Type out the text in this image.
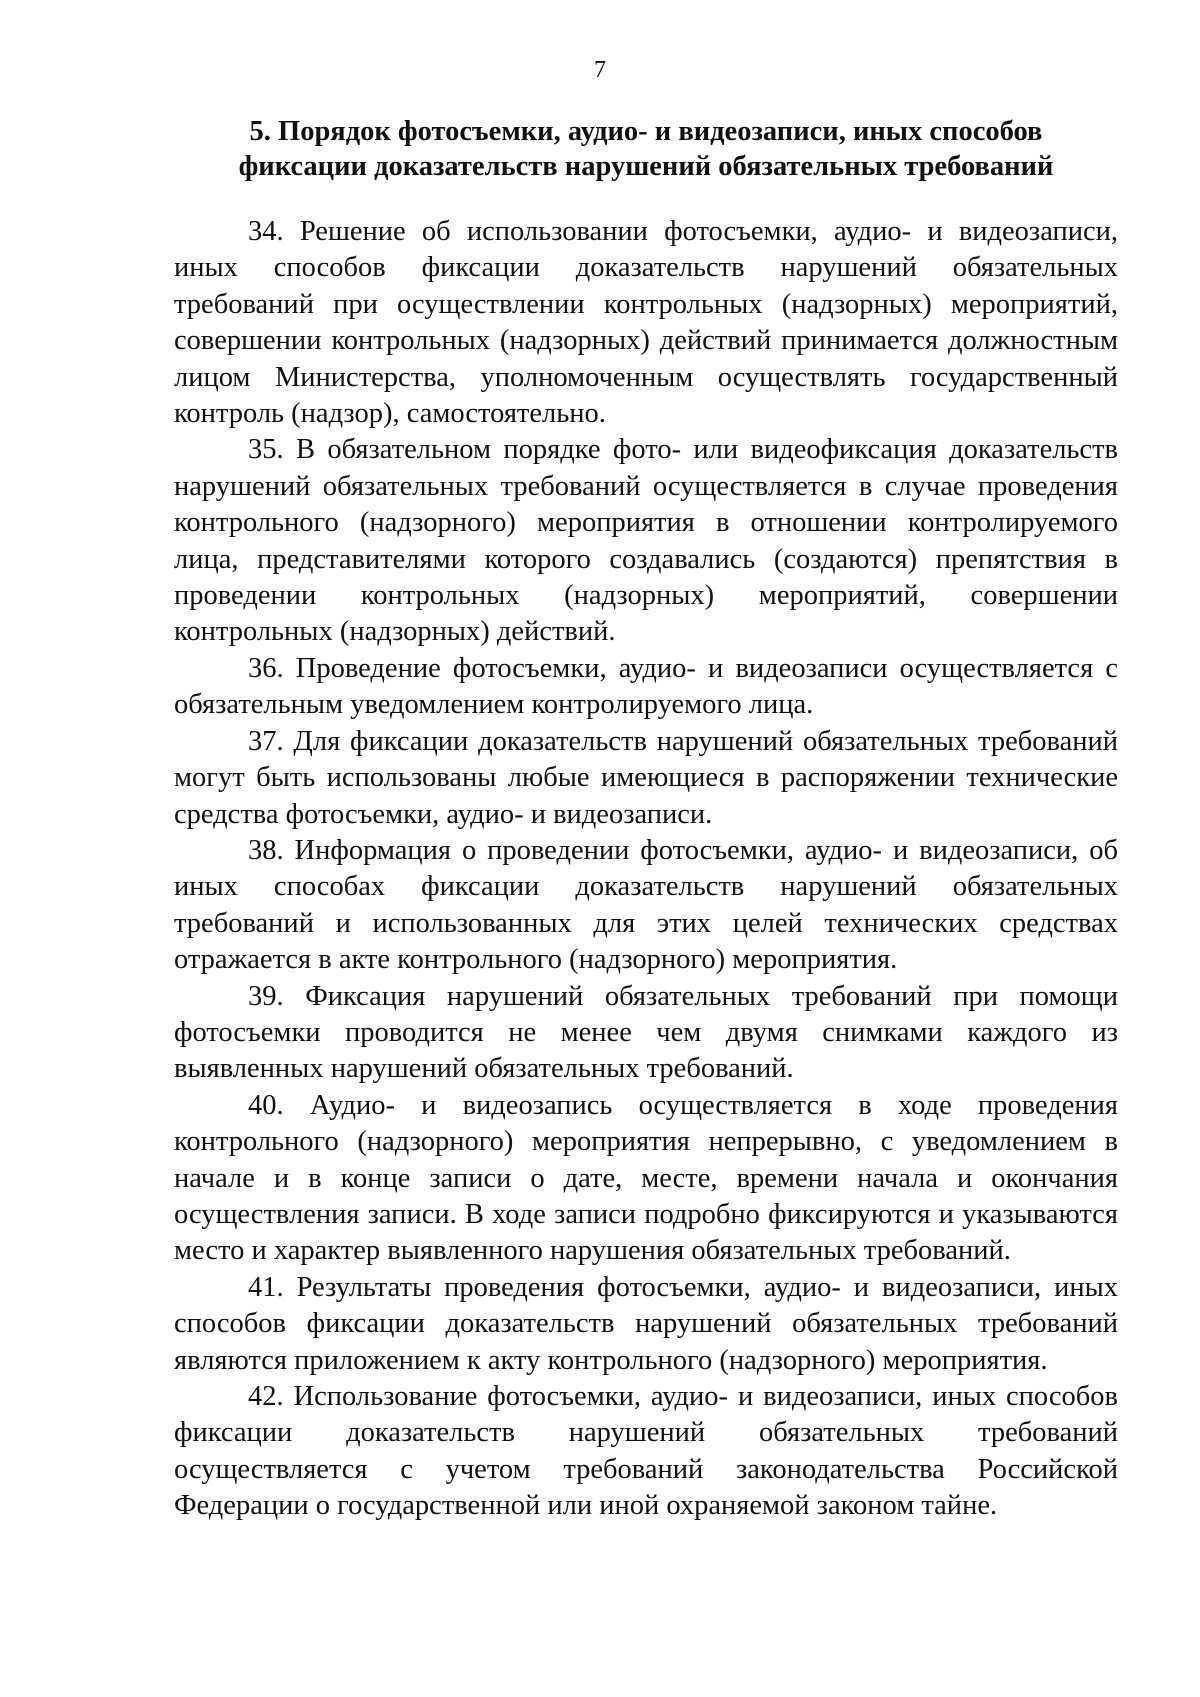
7
5. Порядок фотосъемки, аудио- и видеозаписи, иных способов
фиксации доказательств нарушений обязательных требований

34. Решение об использовании фотосъемки, аудио- и видеозаписи, иных способов фиксации доказательств нарушений обязательных требований при осуществлении контрольных (надзорных) мероприятий, совершении контрольных (надзорных) действий принимается должностным лицом Министерства, уполномоченным осуществлять государственный контроль (надзор), самостоятельно.

35. В обязательном порядке фото- или видеофиксация доказательств нарушений обязательных требований осуществляется в случае проведения контрольного (надзорного) мероприятия в отношении контролируемого лица, представителями которого создавались (создаются) препятствия в проведении контрольных (надзорных) мероприятий, совершении контрольных (надзорных) действий.

36. Проведение фотосъемки, аудио- и видеозаписи осуществляется с обязательным уведомлением контролируемого лица.

37. Для фиксации доказательств нарушений обязательных требований могут быть использованы любые имеющиеся в распоряжении технические средства фотосъемки, аудио- и видеозаписи.

38. Информация о проведении фотосъемки, аудио- и видеозаписи, об иных способах фиксации доказательств нарушений обязательных требований и использованных для этих целей технических средствах отражается в акте контрольного (надзорного) мероприятия.

39. Фиксация нарушений обязательных требований при помощи фотосъемки проводится не менее чем двумя снимками каждого из выявленных нарушений обязательных требований.

40. Аудио- и видеозапись осуществляется в ходе проведения контрольного (надзорного) мероприятия непрерывно, с уведомлением в начале и в конце записи о дате, месте, времени начала и окончания осуществления записи. В ходе записи подробно фиксируются и указываются место и характер выявленного нарушения обязательных требований.

41. Результаты проведения фотосъемки, аудио- и видеозаписи, иных способов фиксации доказательств нарушений обязательных требований являются приложением к акту контрольного (надзорного) мероприятия.

42. Использование фотосъемки, аудио- и видеозаписи, иных способов фиксации доказательств нарушений обязательных требований осуществляется с учетом требований законодательства Российской Федерации о государственной или иной охраняемой законом тайне.
